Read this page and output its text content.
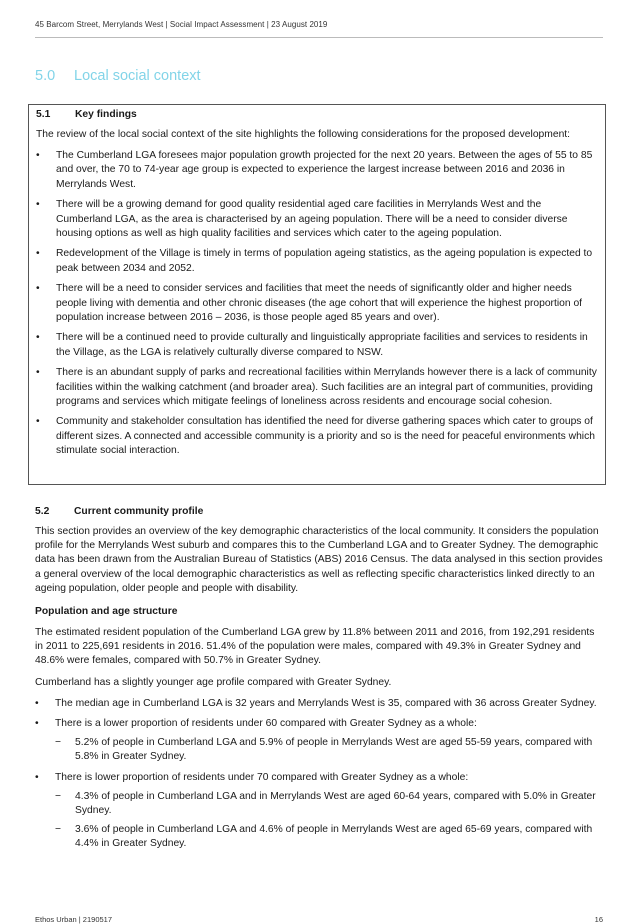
45 Barcom Street, Merrylands West | Social Impact Assessment | 23 August 2019
5.0 Local social context
5.1 Key findings

The review of the local social context of the site highlights the following considerations for the proposed development:

• The Cumberland LGA foresees major population growth projected for the next 20 years. Between the ages of 55 to 85 and over, the 70 to 74-year age group is expected to experience the largest increase between 2016 and 2036 in Merrylands West.
• There will be a growing demand for good quality residential aged care facilities in Merrylands West and the Cumberland LGA, as the area is characterised by an ageing population. There will be a need to consider diverse housing options as well as high quality facilities and services which cater to the ageing population.
• Redevelopment of the Village is timely in terms of population ageing statistics, as the ageing population is expected to peak between 2034 and 2052.
• There will be a need to consider services and facilities that meet the needs of significantly older and higher needs people living with dementia and other chronic diseases (the age cohort that will experience the highest proportion of population increase between 2016 – 2036, is those people aged 85 years and over).
• There will be a continued need to provide culturally and linguistically appropriate facilities and services to residents in the Village, as the LGA is relatively culturally diverse compared to NSW.
• There is an abundant supply of parks and recreational facilities within Merrylands however there is a lack of community facilities within the walking catchment (and broader area). Such facilities are an integral part of communities, providing programs and services which mitigate feelings of loneliness across residents and encourage social cohesion.
• Community and stakeholder consultation has identified the need for diverse gathering spaces which cater to groups of different sizes. A connected and accessible community is a priority and so is the need for peaceful environments which stimulate social interaction.
5.2 Current community profile

This section provides an overview of the key demographic characteristics of the local community. It considers the population profile for the Merrylands West suburb and compares this to the Cumberland LGA and to Greater Sydney. The demographic data has been drawn from the Australian Bureau of Statistics (ABS) 2016 Census. The data analysed in this section provides a general overview of the local demographic characteristics as well as reflecting specific characteristics linked directly to an ageing population, older people and people with disability.

Population and age structure

The estimated resident population of the Cumberland LGA grew by 11.8% between 2011 and 2016, from 192,291 residents in 2011 to 225,691 residents in 2016. 51.4% of the population were males, compared with 49.3% in Greater Sydney and 48.6% were females, compared with 50.7% in Greater Sydney.

Cumberland has a slightly younger age profile compared with Greater Sydney.

• The median age in Cumberland LGA is 32 years and Merrylands West is 35, compared with 36 across Greater Sydney.
• There is a lower proportion of residents under 60 compared with Greater Sydney as a whole:
− 5.2% of people in Cumberland LGA and 5.9% of people in Merrylands West are aged 55-59 years, compared with 5.8% in Greater Sydney.
• There is lower proportion of residents under 70 compared with Greater Sydney as a whole:
− 4.3% of people in Cumberland LGA and in Merrylands West are aged 60-64 years, compared with 5.0% in Greater Sydney.
− 3.6% of people in Cumberland LGA and 4.6% of people in Merrylands West are aged 65-69 years, compared with 4.4% in Greater Sydney.
Ethos Urban | 2190517	16
